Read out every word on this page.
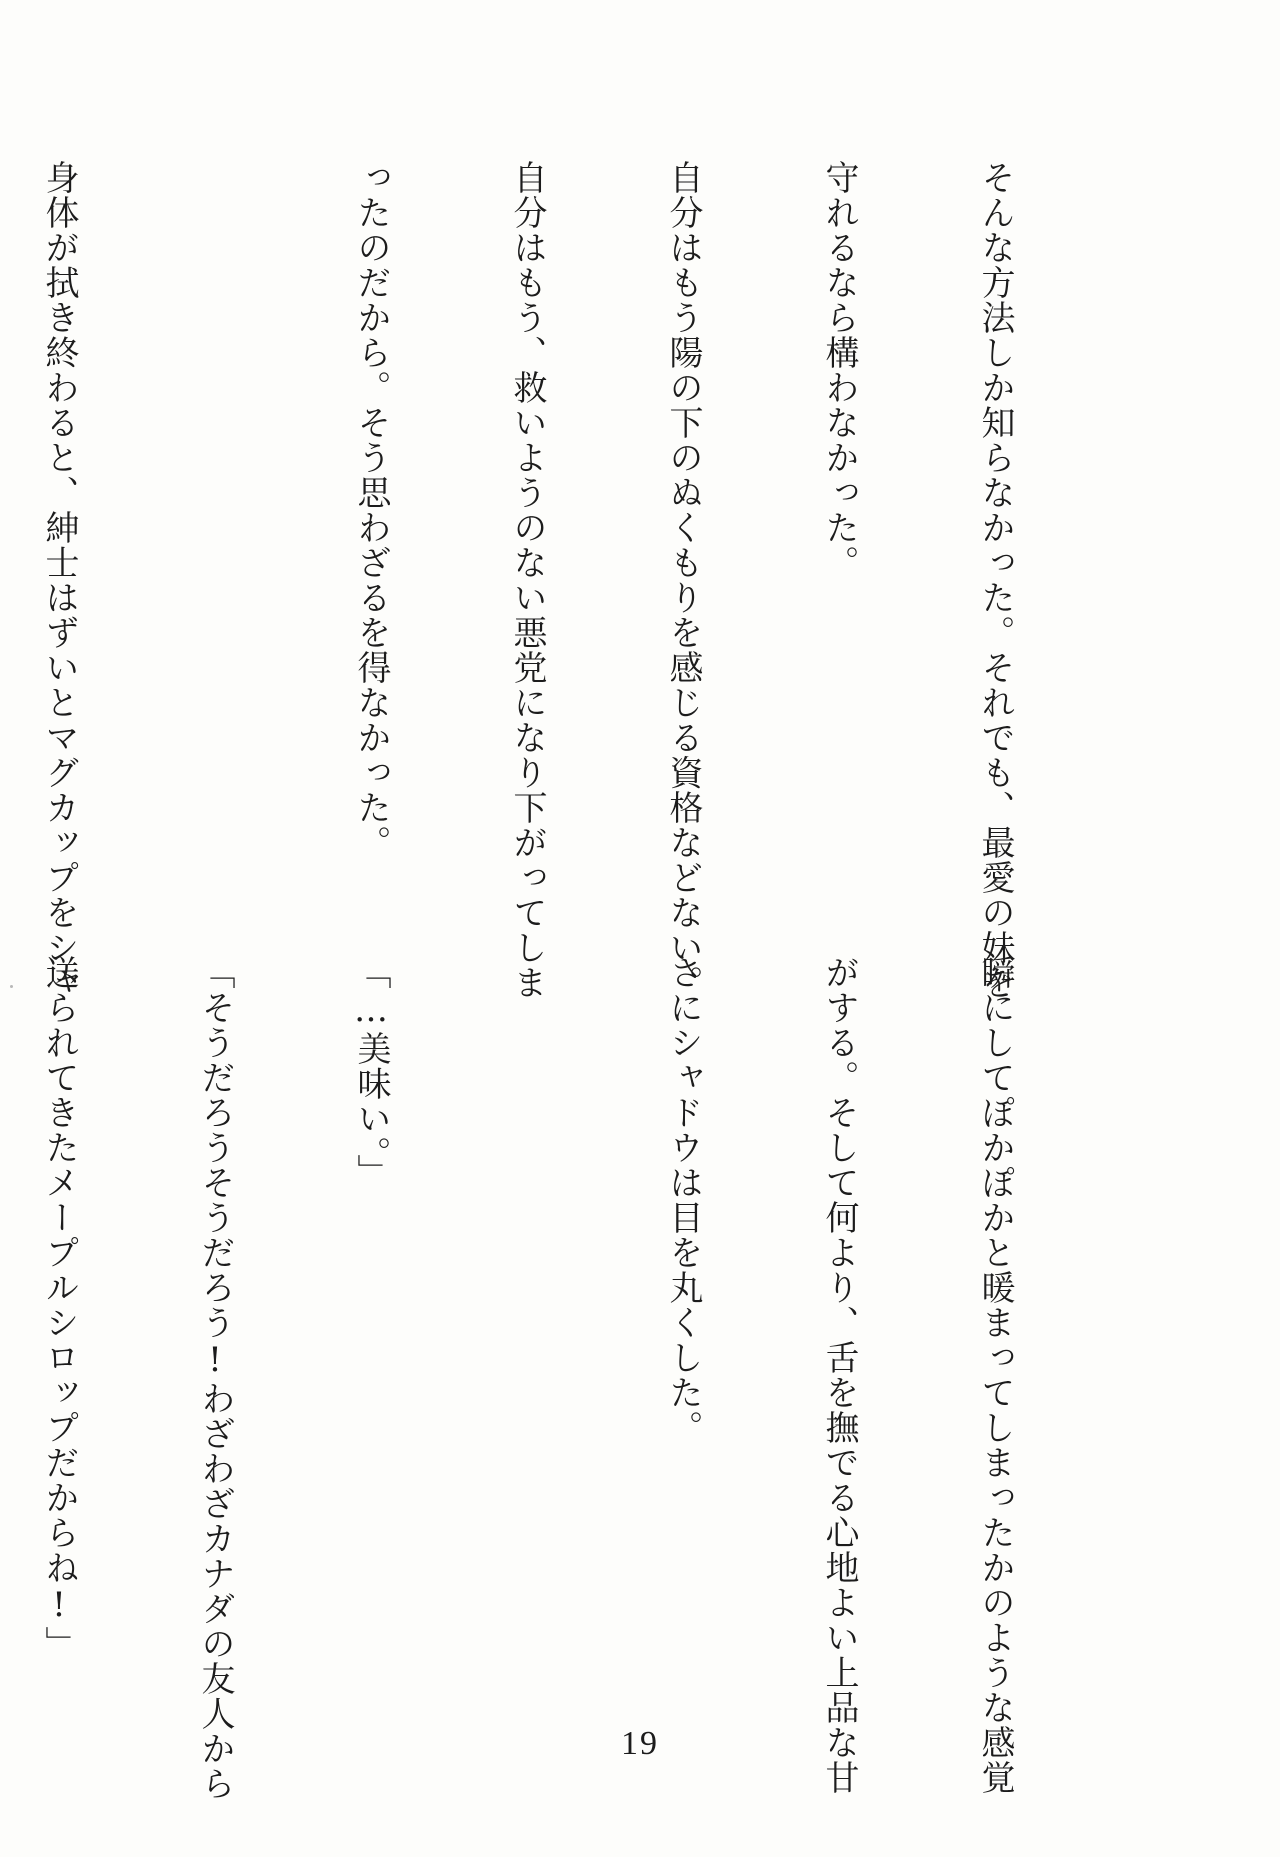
そんな方法しか知らなかった。それでも、最愛の妹を

守れるなら構わなかった。

自分はもう陽の下のぬくもりを感じる資格などない。

自分はもう、救いようのない悪党になり下がってしま

ったのだから。そう思わざるを得なかった。

身体が拭き終わると、紳士はずいとマグカップをシャ

瞬にしてぽかぽかと暖まってしまったかのような感覚

がする。そして何より、舌を撫でる心地よい上品な甘

さにシャドウは目を丸くした。

「…美味い。」

「そうだろうそうだろう!わざわざカナダの友人から

送られてきたメープルシロップだからね!」

19
